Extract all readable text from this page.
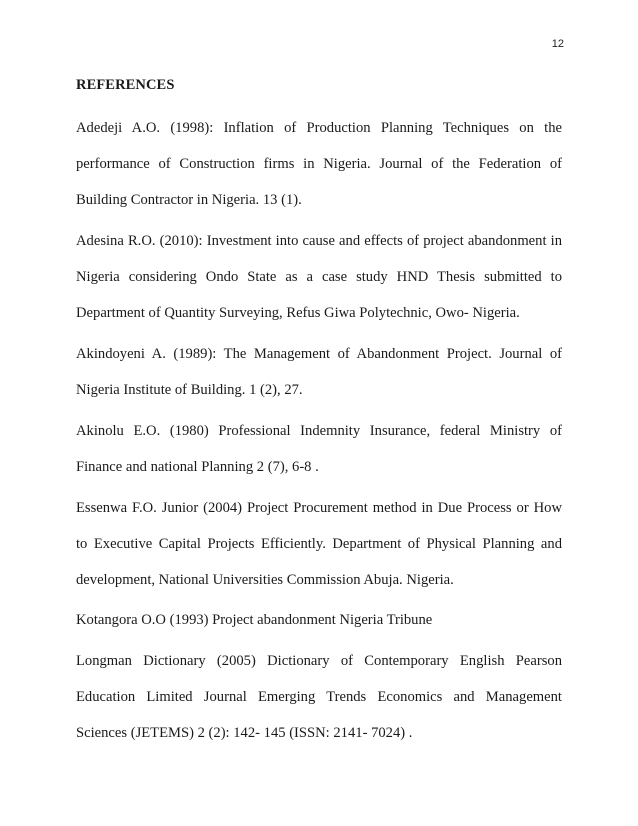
12
REFERENCES
Adedeji A.O. (1998): Inflation of Production Planning Techniques on the
performance of Construction firms in Nigeria. Journal of the Federation of
Building Contractor in Nigeria. 13 (1).
Adesina R.O. (2010): Investment into cause and effects of project abandonment in
Nigeria considering Ondo State as a case study HND Thesis submitted to
Department of Quantity Surveying, Refus Giwa Polytechnic, Owo- Nigeria.
Akindoyeni A. (1989): The Management of Abandonment Project. Journal of
Nigeria Institute of Building. 1 (2), 27.
Akinolu E.O. (1980) Professional Indemnity Insurance, federal Ministry of
Finance and national Planning 2 (7), 6-8 .
Essenwa F.O. Junior (2004) Project Procurement method in Due Process or How
to Executive Capital Projects Efficiently. Department of Physical Planning and
development, National Universities Commission Abuja. Nigeria.
Kotangora O.O (1993) Project abandonment Nigeria Tribune
Longman Dictionary (2005) Dictionary of Contemporary English Pearson
Education Limited Journal Emerging Trends Economics and Management
Sciences (JETEMS) 2 (2): 142- 145 (ISSN: 2141- 7024) .
